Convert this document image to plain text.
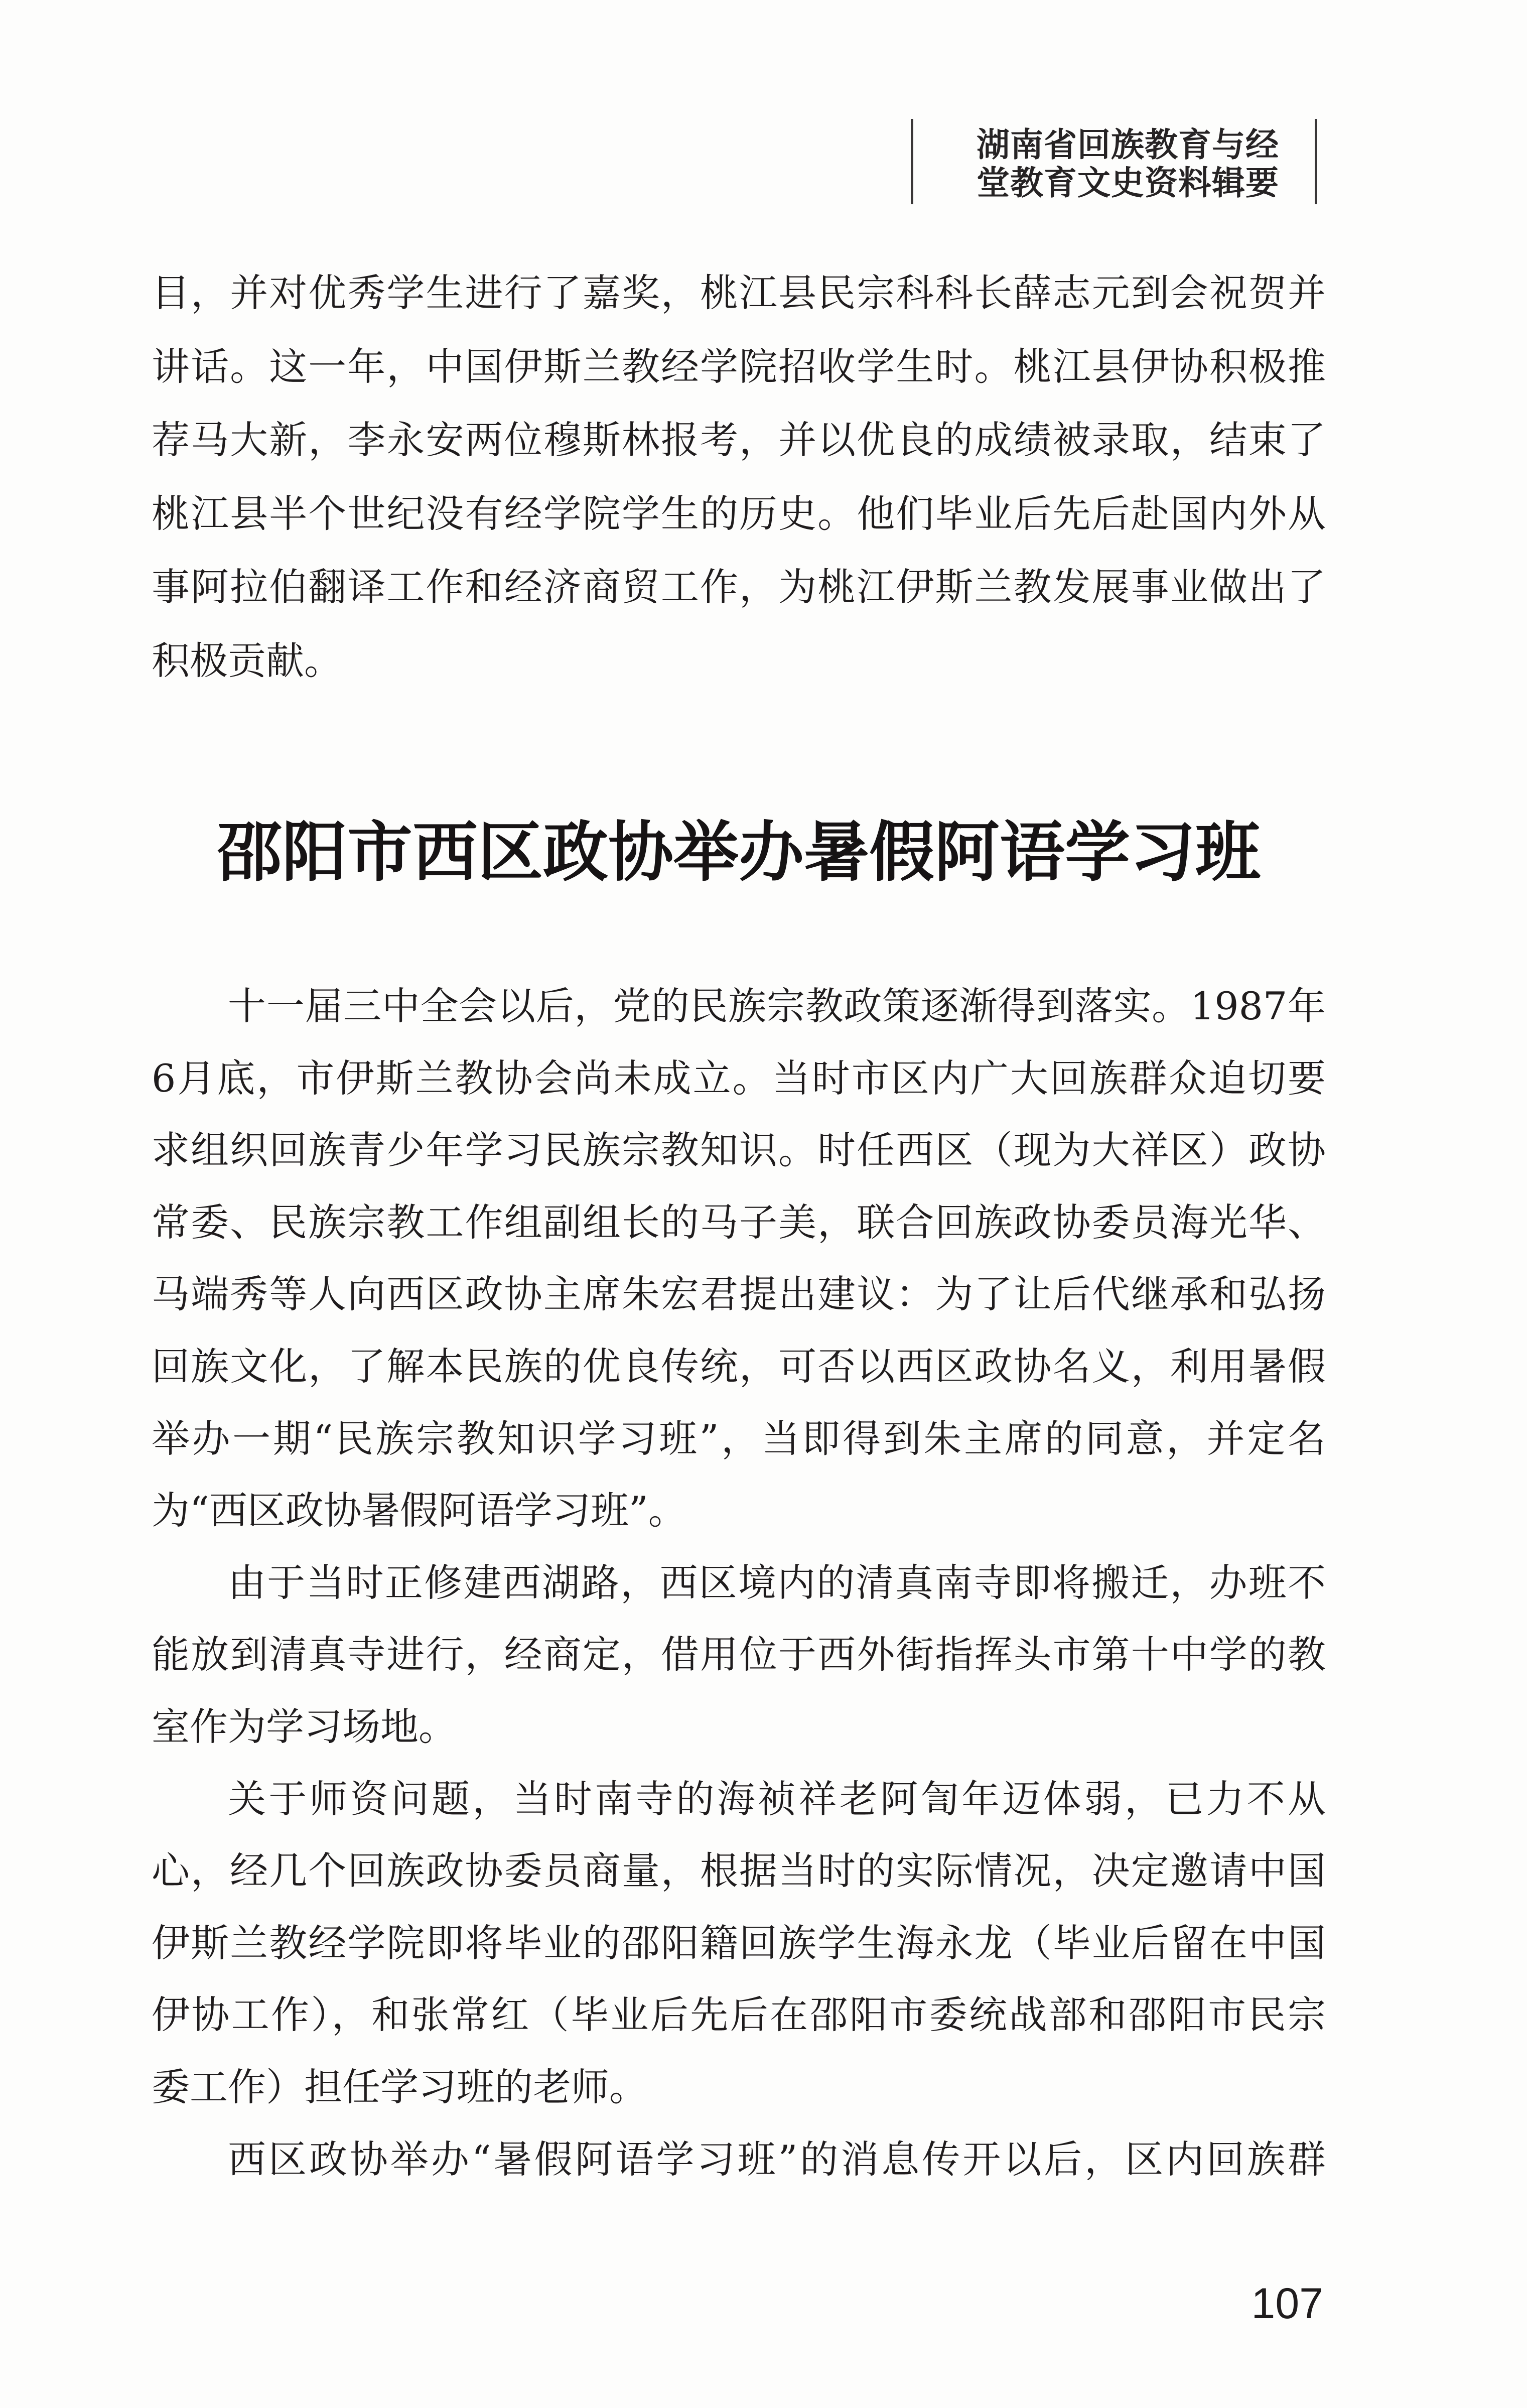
湖南省回族教育与经
堂教育文史资料辑要
目，并对优秀学生进行了嘉奖，桃江县民宗科科长薛志元到会祝贺并
讲话。这一年，中国伊斯兰教经学院招收学生时。桃江县伊协积极推
荐马大新，李永安两位穆斯林报考，并以优良的成绩被录取，结束了
桃江县半个世纪没有经学院学生的历史。他们毕业后先后赴国内外从
事阿拉伯翻译工作和经济商贸工作，为桃江伊斯兰教发展事业做出了
积极贡献。
邵阳市西区政协举办暑假阿语学习班
十一届三中全会以后，党的民族宗教政策逐渐得到落实。1987年
6月底，市伊斯兰教协会尚未成立。当时市区内广大回族群众迫切要
求组织回族青少年学习民族宗教知识。时任西区（现为大祥区）政协
常委、民族宗教工作组副组长的马子美，联合回族政协委员海光华、
马端秀等人向西区政协主席朱宏君提出建议：为了让后代继承和弘扬
回族文化，了解本民族的优良传统，可否以西区政协名义，利用暑假
举办一期“民族宗教知识学习班”，当即得到朱主席的同意，并定名
为“西区政协暑假阿语学习班”。
由于当时正修建西湖路，西区境内的清真南寺即将搬迁，办班不
能放到清真寺进行，经商定，借用位于西外街指挥头市第十中学的教
室作为学习场地。
关于师资问题，当时南寺的海祯祥老阿訇年迈体弱，已力不从
心，经几个回族政协委员商量，根据当时的实际情况，决定邀请中国
伊斯兰教经学院即将毕业的邵阳籍回族学生海永龙（毕业后留在中国
伊协工作），和张常红（毕业后先后在邵阳市委统战部和邵阳市民宗
委工作）担任学习班的老师。
西区政协举办“暑假阿语学习班”的消息传开以后，区内回族群
107
